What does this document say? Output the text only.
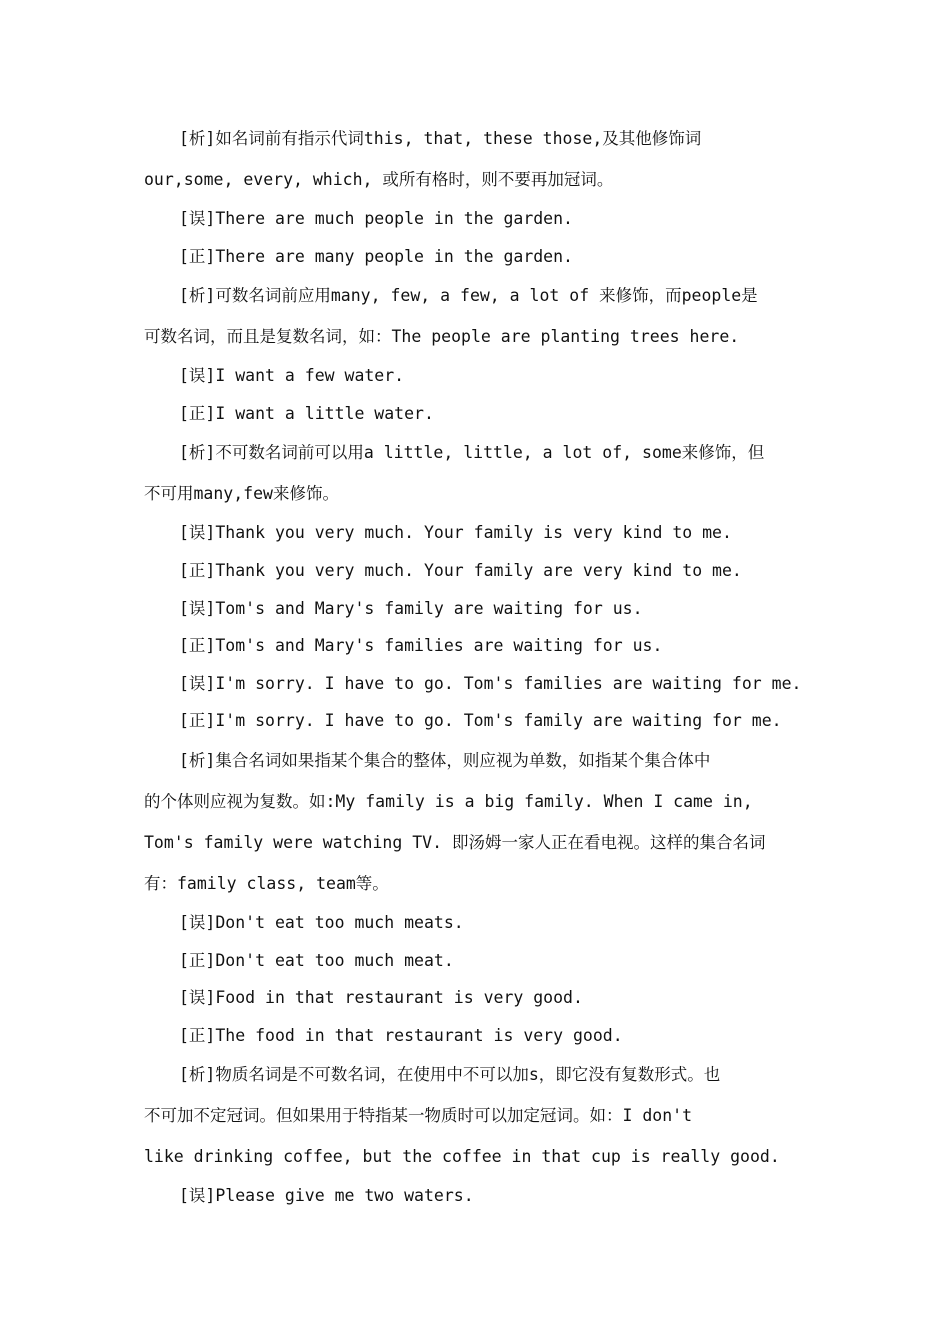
[析]如名词前有指示代词this, that, these those,及其他修饰词
our,some, every, which, 或所有格时，则不要再加冠词。
[误]There are much people in the garden.
[正]There are many people in the garden.
[析]可数名词前应用many, few, a few, a lot of 来修饰，而people是
可数名词，而且是复数名词，如：The people are planting trees here.
[误]I want a few water.
[正]I want a little water.
[析]不可数名词前可以用a little, little, a lot of, some来修饰，但
不可用many,few来修饰。
[误]Thank you very much. Your family is very kind to me.
[正]Thank you very much. Your family are very kind to me.
[误]Tom's and Mary's family are waiting for us.
[正]Tom's and Mary's families are waiting for us.
[误]I'm sorry. I have to go. Tom's families are waiting for me.
[正]I'm sorry. I have to go. Tom's family are waiting for me.
[析]集合名词如果指某个集合的整体，则应视为单数，如指某个集合体中
的个体则应视为复数。如:My family is a big family. When I came in,
Tom's family were watching TV. 即汤姆一家人正在看电视。这样的集合名词
有：family class, team等。
[误]Don't eat too much meats.
[正]Don't eat too much meat.
[误]Food in that restaurant is very good.
[正]The food in that restaurant is very good.
[析]物质名词是不可数名词，在使用中不可以加s，即它没有复数形式。也
不可加不定冠词。但如果用于特指某一物质时可以加定冠词。如：I don't
like drinking coffee, but the coffee in that cup is really good.
[误]Please give me two waters.
